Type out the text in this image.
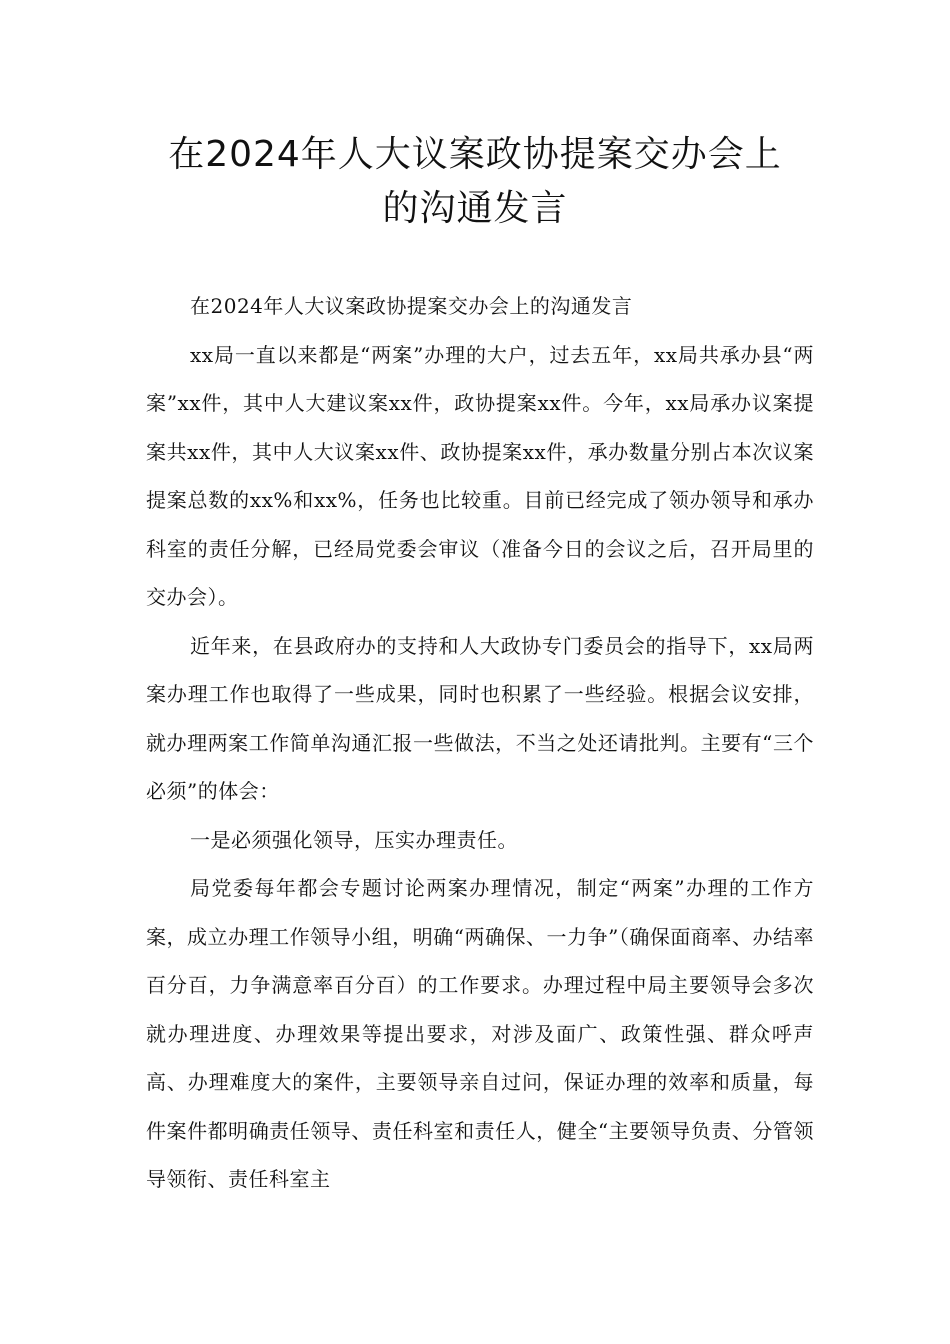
在2024年人大议案政协提案交办会上
的沟通发言

在2024年人大议案政协提案交办会上的沟通发言

xx局一直以来都是“两案”办理的大户，过去五年，xx局共承办县“两案”xx件，其中人大建议案xx件，政协提案xx件。今年，xx局承办议案提案共xx件，其中人大议案xx件、政协提案xx件，承办数量分别占本次议案提案总数的xx%和xx%，任务也比较重。目前已经完成了领办领导和承办科室的责任分解，已经局党委会审议（准备今日的会议之后，召开局里的交办会）。

近年来，在县政府办的支持和人大政协专门委员会的指导下，xx局两案办理工作也取得了一些成果，同时也积累了一些经验。根据会议安排，就办理两案工作简单沟通汇报一些做法，不当之处还请批判。主要有“三个必须”的体会：

一是必须强化领导，压实办理责任。

局党委每年都会专题讨论两案办理情况，制定“两案”办理的工作方案，成立办理工作领导小组，明确“两确保、一力争”（确保面商率、办结率百分百，力争满意率百分百）的工作要求。办理过程中局主要领导会多次就办理进度、办理效果等提出要求，对涉及面广、政策性强、群众呼声高、办理难度大的案件，主要领导亲自过问，保证办理的效率和质量，每件案件都明确责任领导、责任科室和责任人，健全“主要领导负责、分管领导领衔、责任科室主
